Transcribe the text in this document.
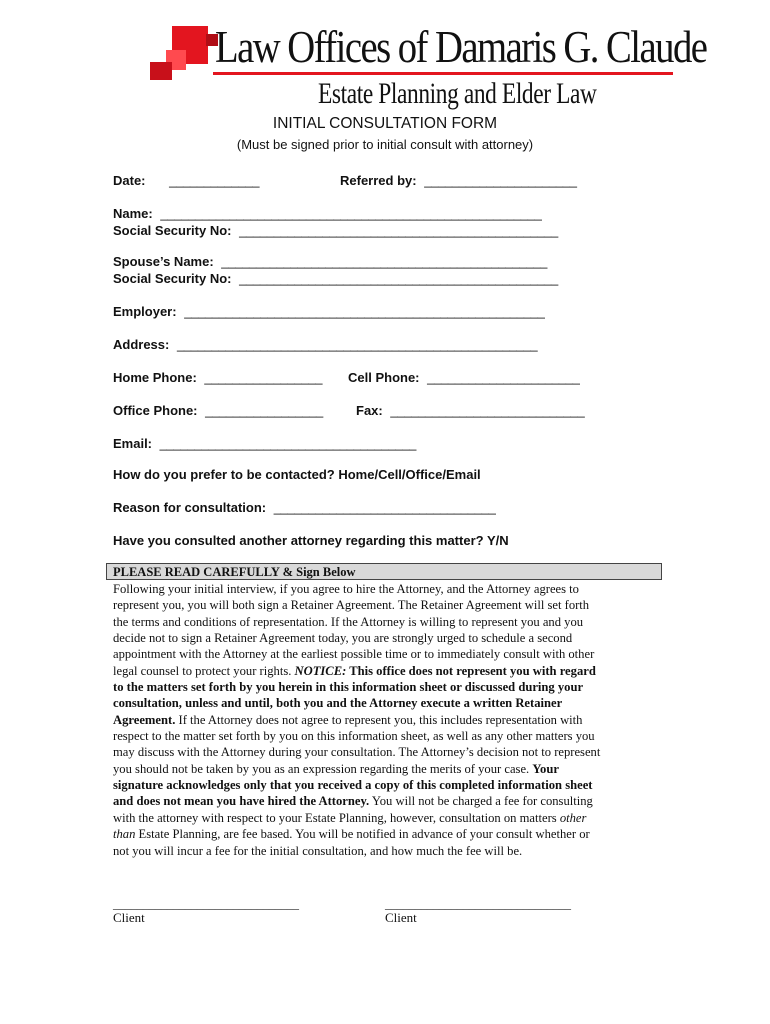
Law Offices of Damaris G. Claude
Estate Planning and Elder Law
INITIAL CONSULTATION FORM
(Must be signed prior to initial consult with attorney)
Date: _____________	Referred by: ______________________
Name: _______________________________________________________
Social Security No: ______________________________________________
Spouse’s Name: _______________________________________________
Social Security No: ______________________________________________
Employer: ____________________________________________________
Address: ____________________________________________________
Home Phone: _________________ Cell Phone: ______________________
Office Phone: _________________	Fax: ____________________________
Email: _____________________________________
How do you prefer to be contacted? Home/Cell/Office/Email
Reason for consultation: ________________________________
Have you consulted another attorney regarding this matter? Y/N
PLEASE READ CAREFULLY & Sign Below
Following your initial interview, if you agree to hire the Attorney, and the Attorney agrees to
represent you, you will both sign a Retainer Agreement. The Retainer Agreement will set forth
the terms and conditions of representation. If the Attorney is willing to represent you and you
decide not to sign a Retainer Agreement today, you are strongly urged to schedule a second
appointment with the Attorney at the earliest possible time or to immediately consult with other
legal counsel to protect your rights. NOTICE: This office does not represent you with regard
to the matters set forth by you herein in this information sheet or discussed during your
consultation, unless and until, both you and the Attorney execute a written Retainer
Agreement. If the Attorney does not agree to represent you, this includes representation with
respect to the matter set forth by you on this information sheet, as well as any other matters you
may discuss with the Attorney during your consultation. The Attorney’s decision not to represent
you should not be taken by you as an expression regarding the merits of your case. Your
signature acknowledges only that you received a copy of this completed information sheet
and does not mean you have hired the Attorney. You will not be charged a fee for consulting
with the attorney with respect to your Estate Planning, however, consultation on matters other
than Estate Planning, are fee based. You will be notified in advance of your consult whether or
not you will incur a fee for the initial consultation, and how much the fee will be.
_______________________________
Client
_______________________________
Client
